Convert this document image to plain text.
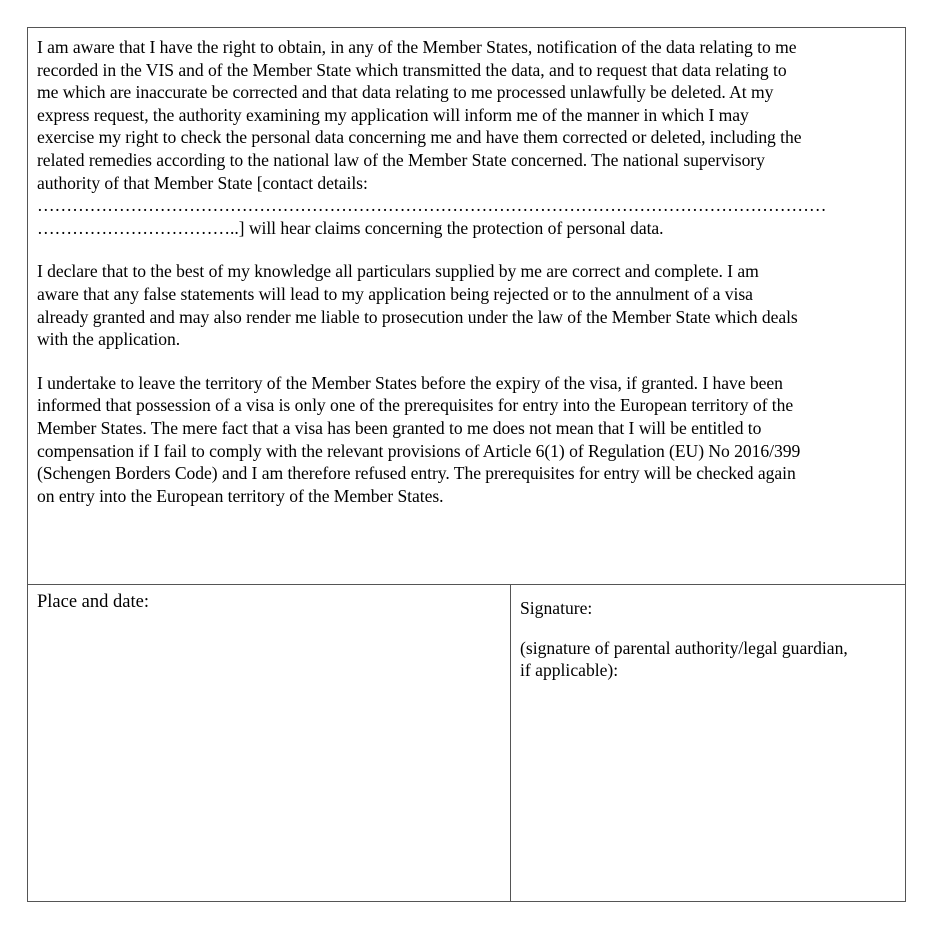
I am aware that I have the right to obtain, in any of the Member States, notification of the data relating to me
recorded in the VIS and of the Member State which transmitted the data, and to request that data relating to
me which are inaccurate be corrected and that data relating to me processed unlawfully be deleted. At my
express request, the authority examining my application will inform me of the manner in which I may
exercise my right to check the personal data concerning me and have them corrected or deleted, including the
related remedies according to the national law of the Member State concerned. The national supervisory
authority of that Member State [contact details:
………………………………………………………………………………………………………………………
……………………………..] will hear claims concerning the protection of personal data.

I declare that to the best of my knowledge all particulars supplied by me are correct and complete. I am
aware that any false statements will lead to my application being rejected or to the annulment of a visa
already granted and may also render me liable to prosecution under the law of the Member State which deals
with the application.

I undertake to leave the territory of the Member States before the expiry of the visa, if granted. I have been
informed that possession of a visa is only one of the prerequisites for entry into the European territory of the
Member States. The mere fact that a visa has been granted to me does not mean that I will be entitled to
compensation if I fail to comply with the relevant provisions of Article 6(1) of Regulation (EU) No 2016/399
(Schengen Borders Code) and I am therefore refused entry. The prerequisites for entry will be checked again
on entry into the European territory of the Member States.

Place and date:	Signature:

(signature of parental authority/legal guardian,
if applicable):
